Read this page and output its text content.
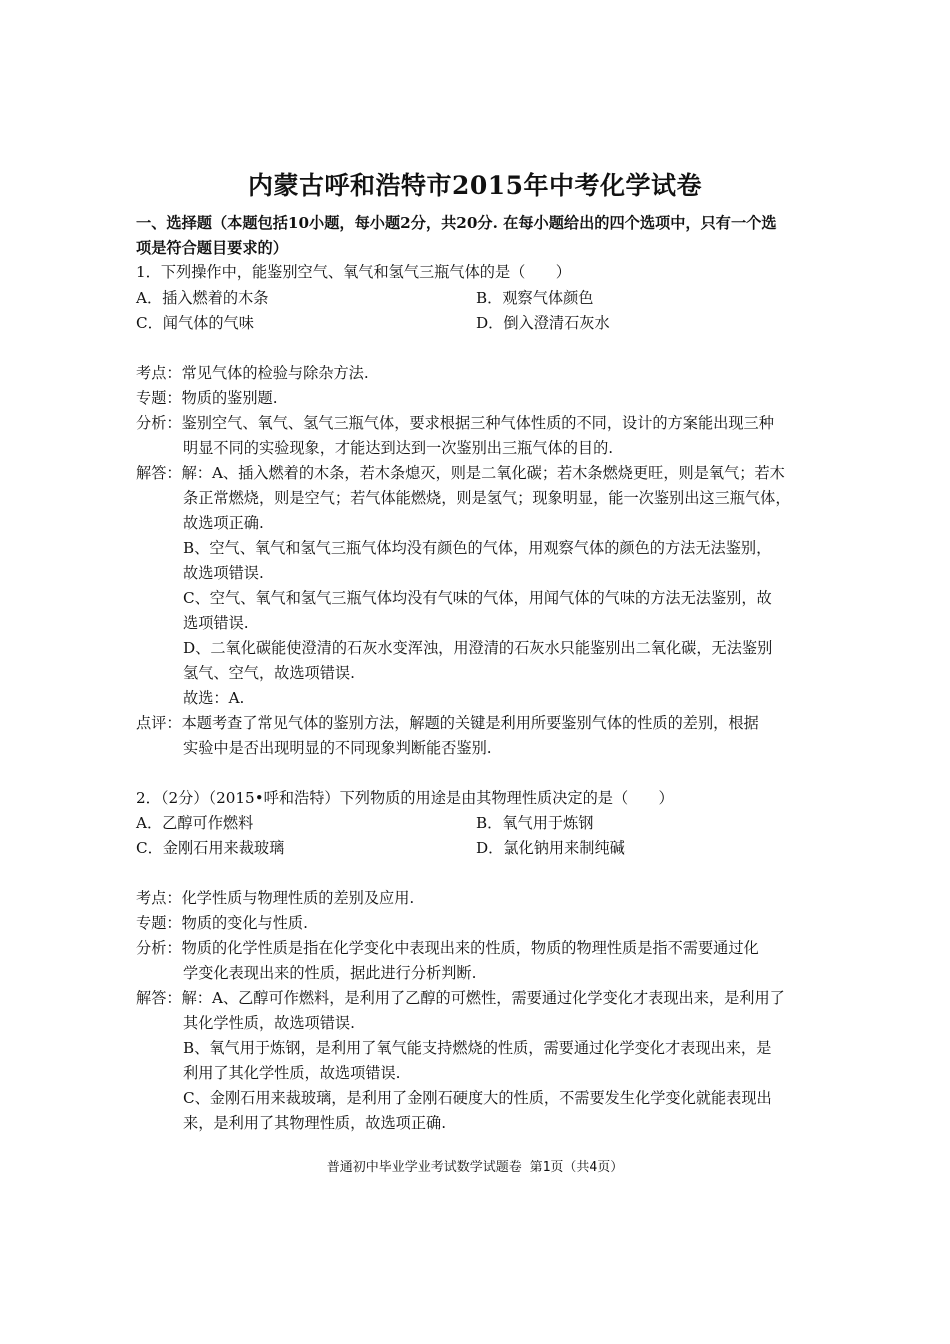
内蒙古呼和浩特市2015年中考化学试卷
一、选择题（本题包括10小题，每小题2分，共20分. 在每小题给出的四个选项中，只有一个选
项是符合题目要求的）
1．下列操作中，能鉴别空气、氧气和氢气三瓶气体的是（　　）
A．插入燃着的木条	B．观察气体颜色
C．闻气体的气味	D．倒入澄清石灰水
考点：常见气体的检验与除杂方法.
专题：物质的鉴别题.
分析：鉴别空气、氧气、氢气三瓶气体，要求根据三种气体性质的不同，设计的方案能出现三种
明显不同的实验现象，才能达到达到一次鉴别出三瓶气体的目的.
解答：解：A、插入燃着的木条，若木条熄灭，则是二氧化碳；若木条燃烧更旺，则是氧气；若木
条正常燃烧，则是空气；若气体能燃烧，则是氢气；现象明显，能一次鉴别出这三瓶气体，
故选项正确.
B、空气、氧气和氢气三瓶气体均没有颜色的气体，用观察气体的颜色的方法无法鉴别，
故选项错误.
C、空气、氧气和氢气三瓶气体均没有气味的气体，用闻气体的气味的方法无法鉴别，故
选项错误.
D、二氧化碳能使澄清的石灰水变浑浊，用澄清的石灰水只能鉴别出二氧化碳，无法鉴别
氢气、空气，故选项错误.
故选：A.
点评：本题考查了常见气体的鉴别方法，解题的关键是利用所要鉴别气体的性质的差别，根据
实验中是否出现明显的不同现象判断能否鉴别.
2．（2分）（2015•呼和浩特）下列物质的用途是由其物理性质决定的是（　　）
A．乙醇可作燃料	B．氧气用于炼钢
C．金刚石用来裁玻璃	D．氯化钠用来制纯碱
考点：化学性质与物理性质的差别及应用.
专题：物质的变化与性质.
分析：物质的化学性质是指在化学变化中表现出来的性质，物质的物理性质是指不需要通过化
学变化表现出来的性质，据此进行分析判断.
解答：解：A、乙醇可作燃料，是利用了乙醇的可燃性，需要通过化学变化才表现出来，是利用了
其化学性质，故选项错误.
B、氧气用于炼钢，是利用了氧气能支持燃烧的性质，需要通过化学变化才表现出来，是
利用了其化学性质，故选项错误.
C、金刚石用来裁玻璃，是利用了金刚石硬度大的性质，不需要发生化学变化就能表现出
来，是利用了其物理性质，故选项正确.
普通初中毕业学业考试数学试题卷 第1页（共4页）
